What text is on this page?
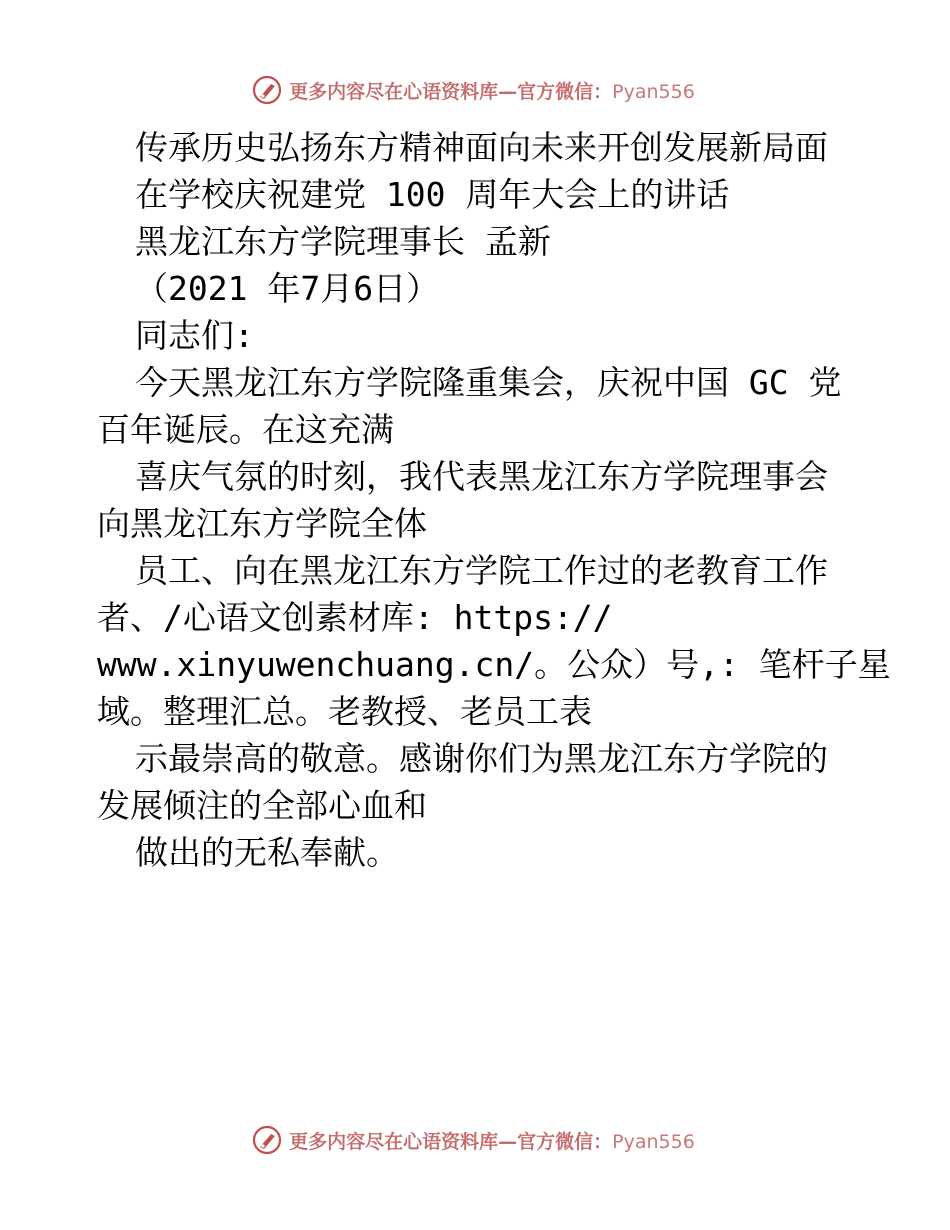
更多内容尽在心语资料库—官方微信：Pyan556
传承历史弘扬东方精神面向未来开创发展新局面
在学校庆祝建党 100 周年大会上的讲话
黑龙江东方学院理事长 孟新
（2021 年7月6日）
同志们:
今天黑龙江东方学院隆重集会，庆祝中国 GC 党
百年诞辰。在这充满
喜庆气氛的时刻，我代表黑龙江东方学院理事会
向黑龙江东方学院全体
员工、向在黑龙江东方学院工作过的老教育工作
者、/心语文创素材库: https://
www.xinyuwenchuang.cn/。公众）号,: 笔杆子星
域。整理汇总。老教授、老员工表
示最崇高的敬意。感谢你们为黑龙江东方学院的
发展倾注的全部心血和
做出的无私奉献。
更多内容尽在心语资料库—官方微信：Pyan556
